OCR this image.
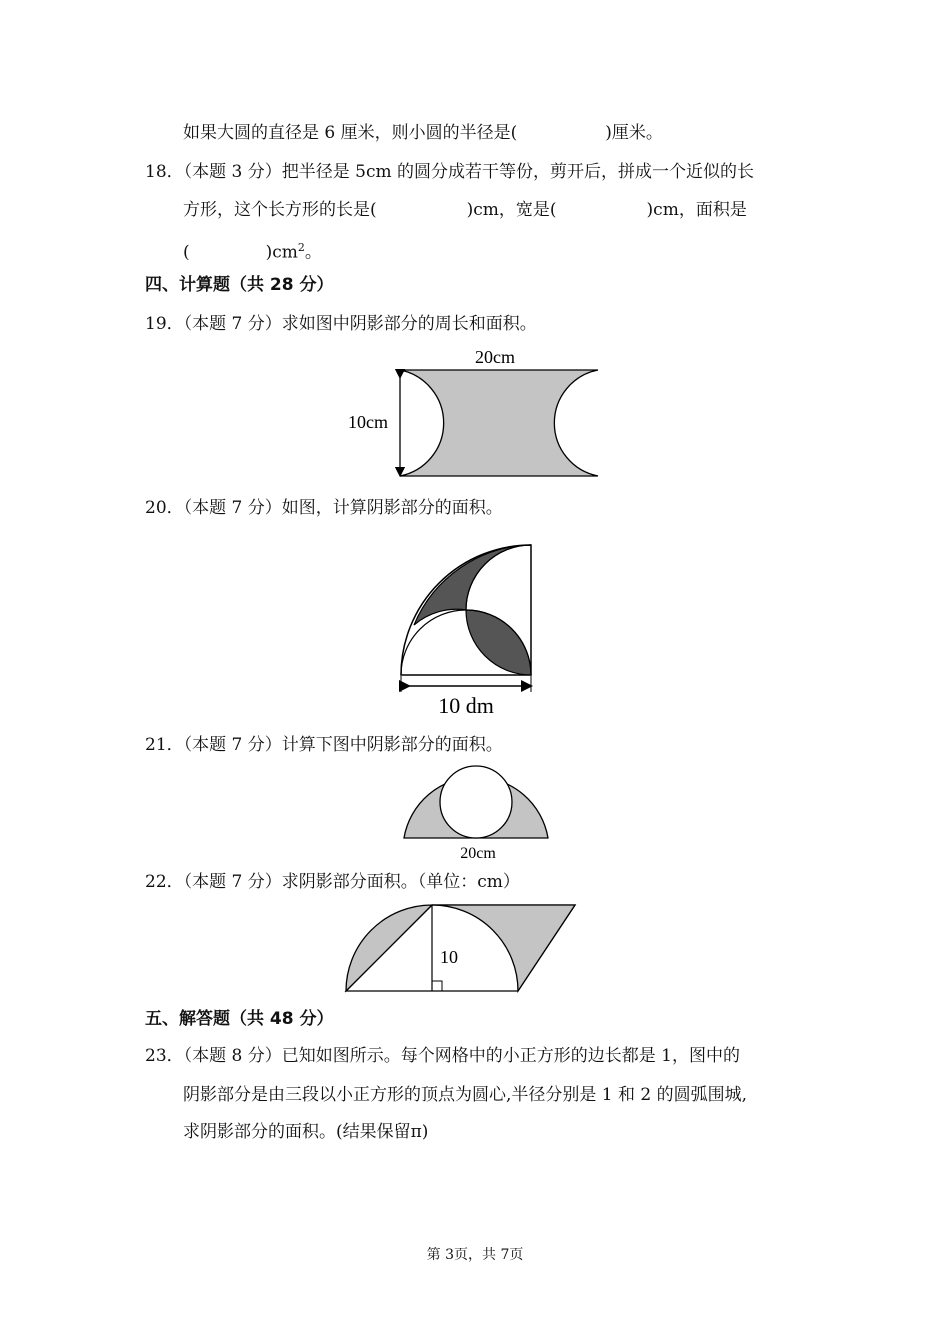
如果大圆的直径是 6 厘米，则小圆的半径是(	)厘米。
18．（本题 3 分）把半径是 5cm 的圆分成若干等份，剪开后，拼成一个近似的长
方形，这个长方形的长是(	)cm，宽是(	)cm，面积是
(	)$cm^2$。
四、计算题（共 28 分）
19．（本题 7 分）求如图中阴影部分的周长和面积。
20cm
10cm
20．（本题 7 分）如图，计算阴影部分的面积。
10 dm
21．（本题 7 分）计算下图中阴影部分的面积。
20cm
22．（本题 7 分）求阴影部分面积。（单位：cm）
10
五、解答题（共 48 分）
23．（本题 8 分）已知如图所示。每个网格中的小正方形的边长都是 1，图中的
阴影部分是由三段以小正方形的顶点为圆心,半径分别是 1 和 2 的圆弧围城,
求阴影部分的面积。(结果保留π)
第 3页，共 7页
